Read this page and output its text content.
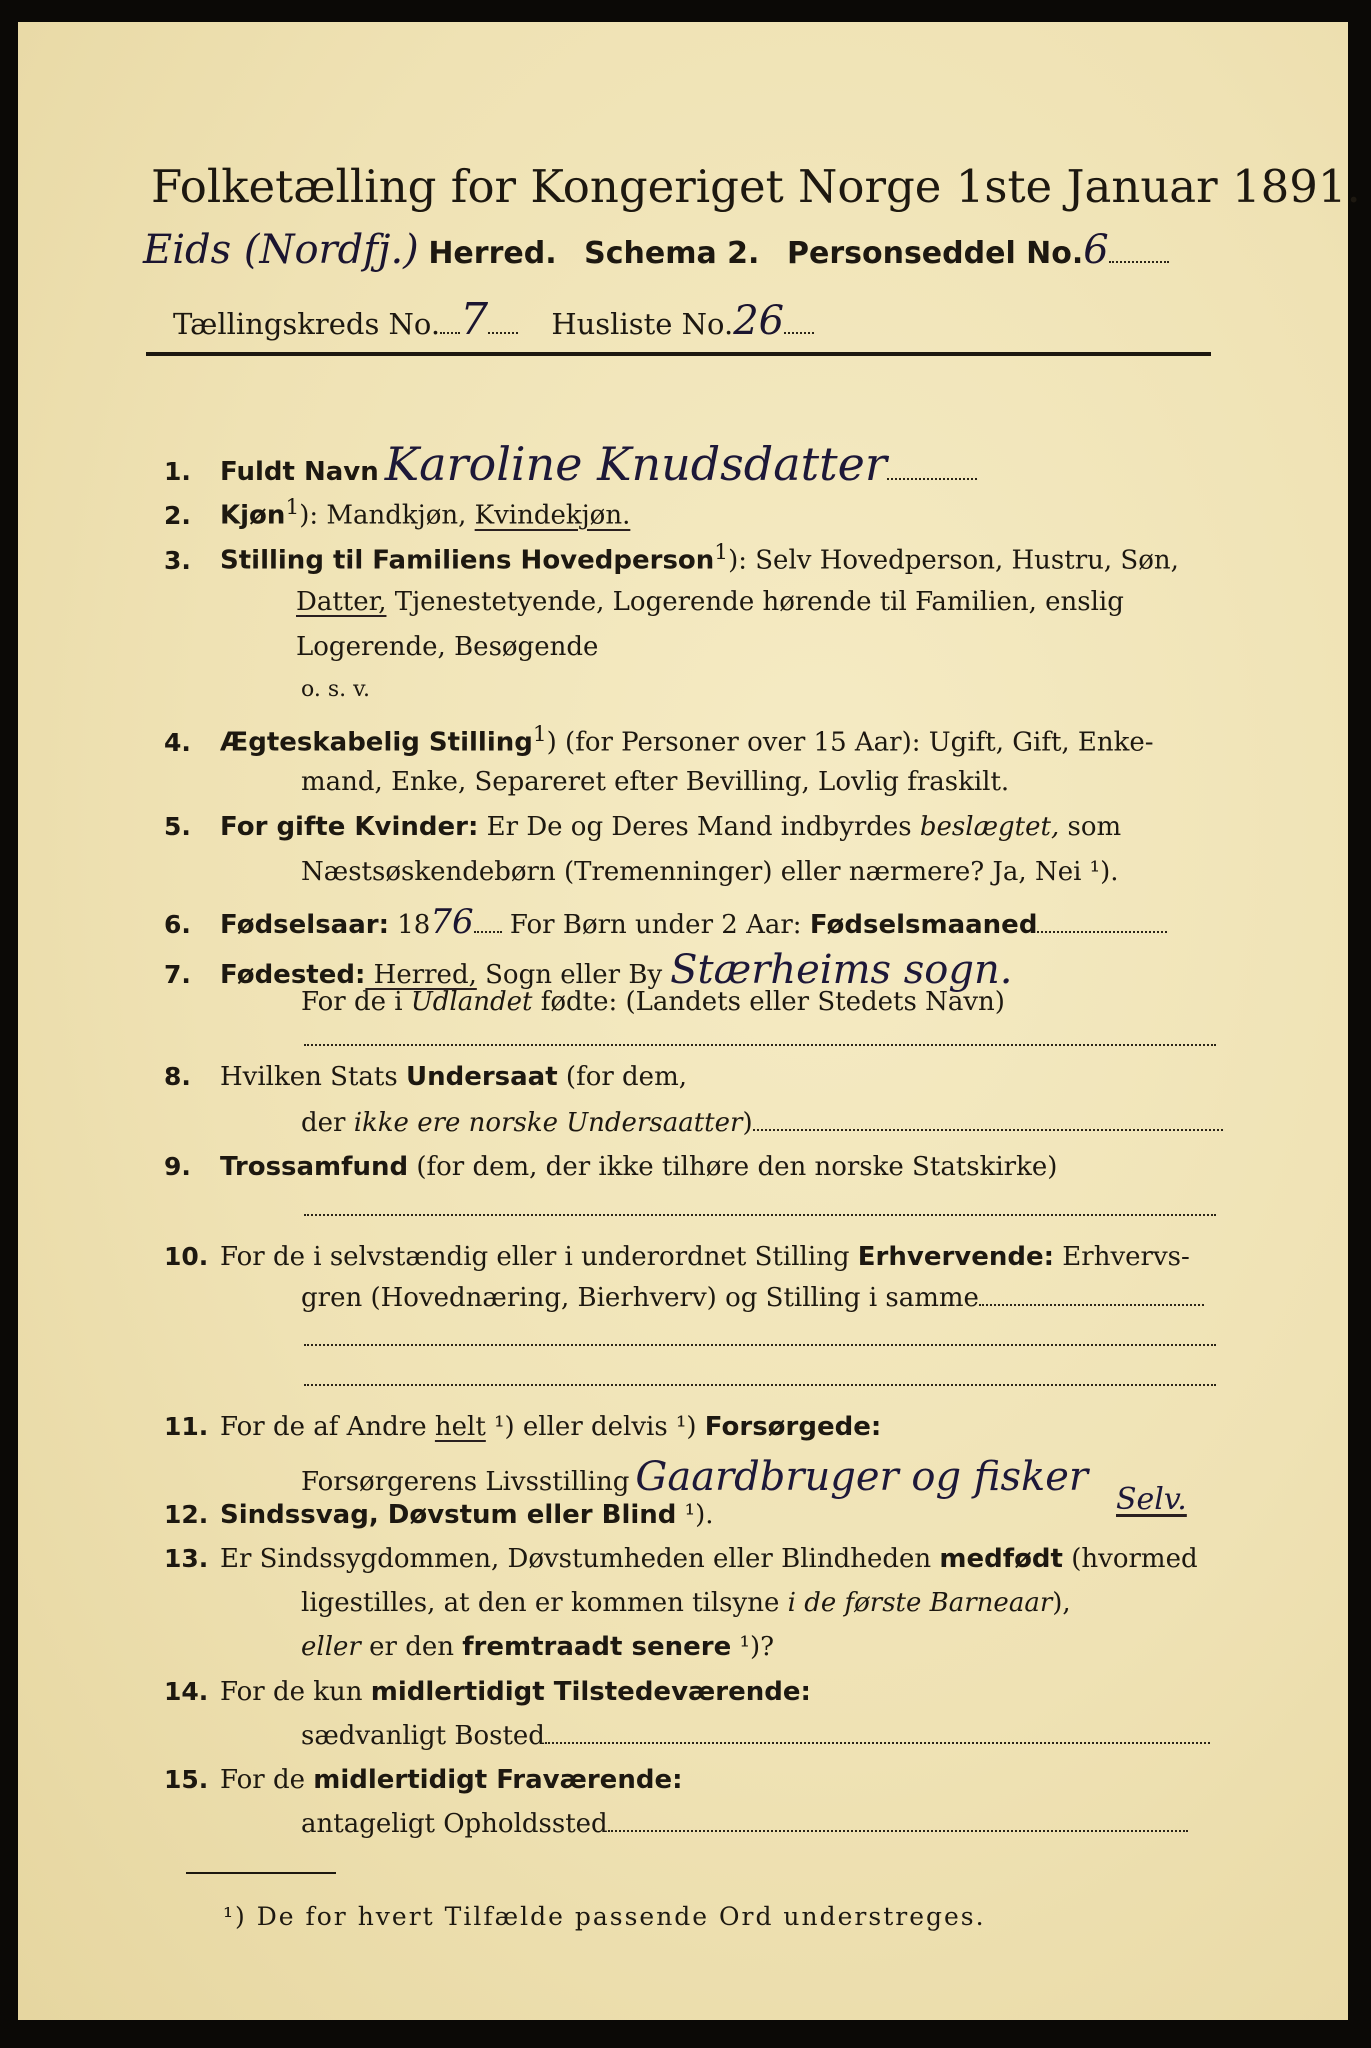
Folketælling for Kongeriget Norge 1ste Januar 1891.
Eids (Nordfj.) Herred. Schema 2. Personseddel No.6
Tællingskreds No. 7 Husliste No.26
1. Fuldt Navn Karoline Knudsdatter
2. Kjøn$^1$): Mandkjøn, Kvindekjøn.
3. Stilling til Familiens Hovedperson$^1$): Selv Hovedperson, Hustru, Søn,
Datter, Tjenestetyende, Logerende hørende til Familien, enslig
Logerende, Besøgende
o. s. v.
4. Ægteskabelig Stilling$^1$) (for Personer over 15 Aar): Ugift, Gift, Enke-
mand, Enke, Separeret efter Bevilling, Lovlig fraskilt.
5. For gifte Kvinder: Er De og Deres Mand indbyrdes beslægtet, som
Næstsøskendebørn (Tremenninger) eller nærmere? Ja, Nei ¹).
6. Fødselsaar: 1876 For Børn under 2 Aar: Fødselsmaaned
7. Fødested: Herred, Sogn eller By Stærheims sogn.
For de i Udlandet fødte: (Landets eller Stedets Navn)
8. Hvilken Stats Undersaat (for dem,
der ikke ere norske Undersaatter)
9. Trossamfund (for dem, der ikke tilhøre den norske Statskirke)
10. For de i selvstændig eller i underordnet Stilling Erhvervende: Erhvervs-
gren (Hovednæring, Bierhverv) og Stilling i samme
11. For de af Andre helt ¹) eller delvis ¹) Forsørgede:
Forsørgerens Livsstilling Gaardbruger og fisker Selv.
12. Sindssvag, Døvstum eller Blind ¹).
13. Er Sindssygdommen, Døvstumheden eller Blindheden medfødt (hvormed
ligestilles, at den er kommen tilsyne i de første Barneaar),
eller er den fremtraadt senere ¹)?
14. For de kun midlertidigt Tilstedeværende:
sædvanligt Bosted
15. For de midlertidigt Fraværende:
antageligt Opholdssted
¹) De for hvert Tilfælde passende Ord understreges.
